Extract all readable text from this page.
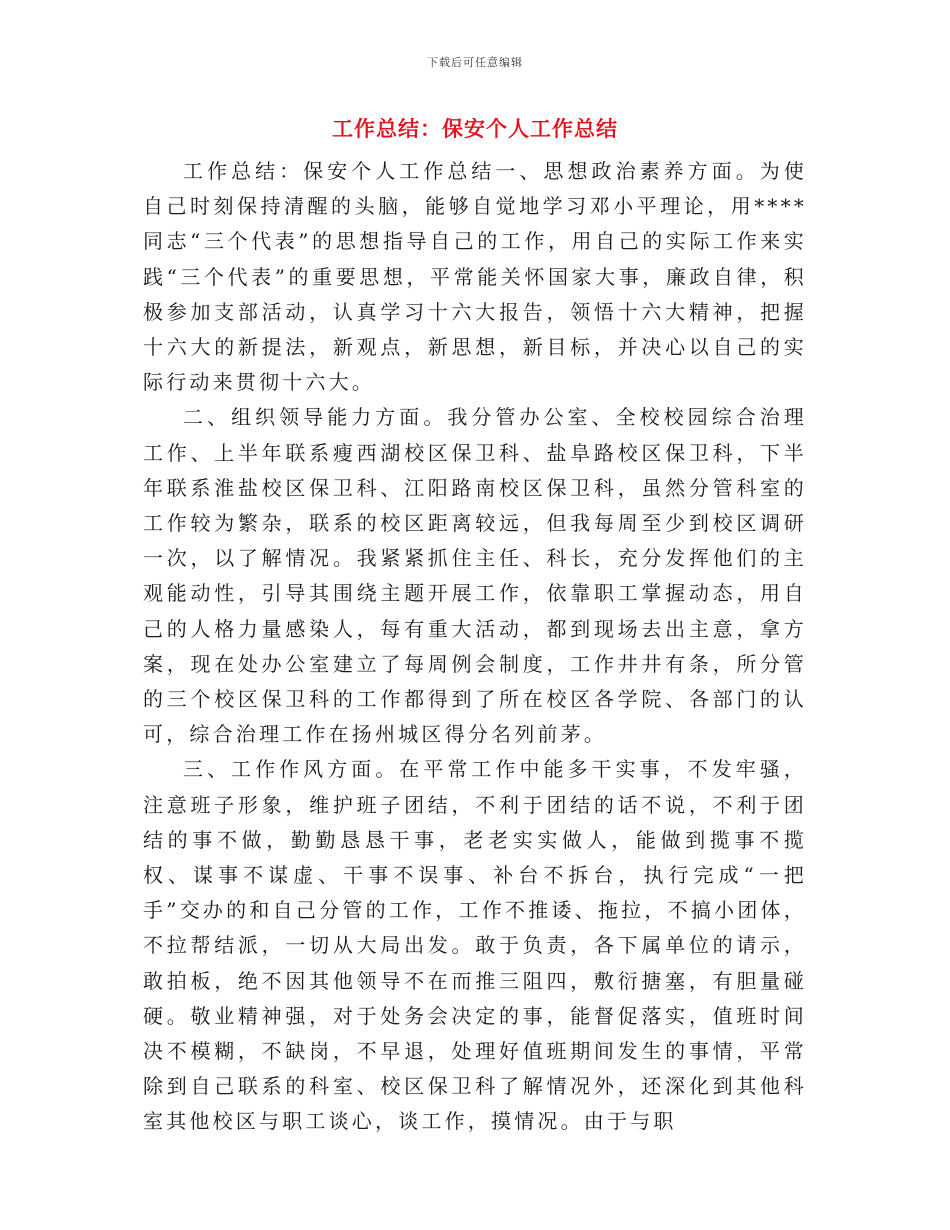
下载后可任意编辑
工作总结：保安个人工作总结

工作总结：保安个人工作总结一、思想政治素养方面。为使自己时刻保持清醒的头脑，能够自觉地学习邓小平理论，用****同志“三个代表”的思想指导自己的工作，用自己的实际工作来实践“三个代表”的重要思想，平常能关怀国家大事，廉政自律，积极参加支部活动，认真学习十六大报告，领悟十六大精神，把握十六大的新提法，新观点，新思想，新目标，并决心以自己的实际行动来贯彻十六大。

二、组织领导能力方面。我分管办公室、全校校园综合治理工作、上半年联系瘦西湖校区保卫科、盐阜路校区保卫科，下半年联系淮盐校区保卫科、江阳路南校区保卫科，虽然分管科室的工作较为繁杂，联系的校区距离较远，但我每周至少到校区调研一次，以了解情况。我紧紧抓住主任、科长，充分发挥他们的主观能动性，引导其围绕主题开展工作，依靠职工掌握动态，用自己的人格力量感染人，每有重大活动，都到现场去出主意，拿方案，现在处办公室建立了每周例会制度，工作井井有条，所分管的三个校区保卫科的工作都得到了所在校区各学院、各部门的认可，综合治理工作在扬州城区得分名列前茅。

三、工作作风方面。在平常工作中能多干实事，不发牢骚，注意班子形象，维护班子团结，不利于团结的话不说，不利于团结的事不做，勤勤恳恳干事，老老实实做人，能做到揽事不揽权、谋事不谋虚、干事不误事、补台不拆台，执行完成“一把手”交办的和自己分管的工作，工作不推诿、拖拉，不搞小团体，不拉帮结派，一切从大局出发。敢于负责，各下属单位的请示，敢拍板，绝不因其他领导不在而推三阻四，敷衍搪塞，有胆量碰硬。敬业精神强，对于处务会决定的事，能督促落实，值班时间决不模糊，不缺岗，不早退，处理好值班期间发生的事情，平常除到自己联系的科室、校区保卫科了解情况外，还深化到其他科室其他校区与职工谈心，谈工作，摸情况。由于与职
